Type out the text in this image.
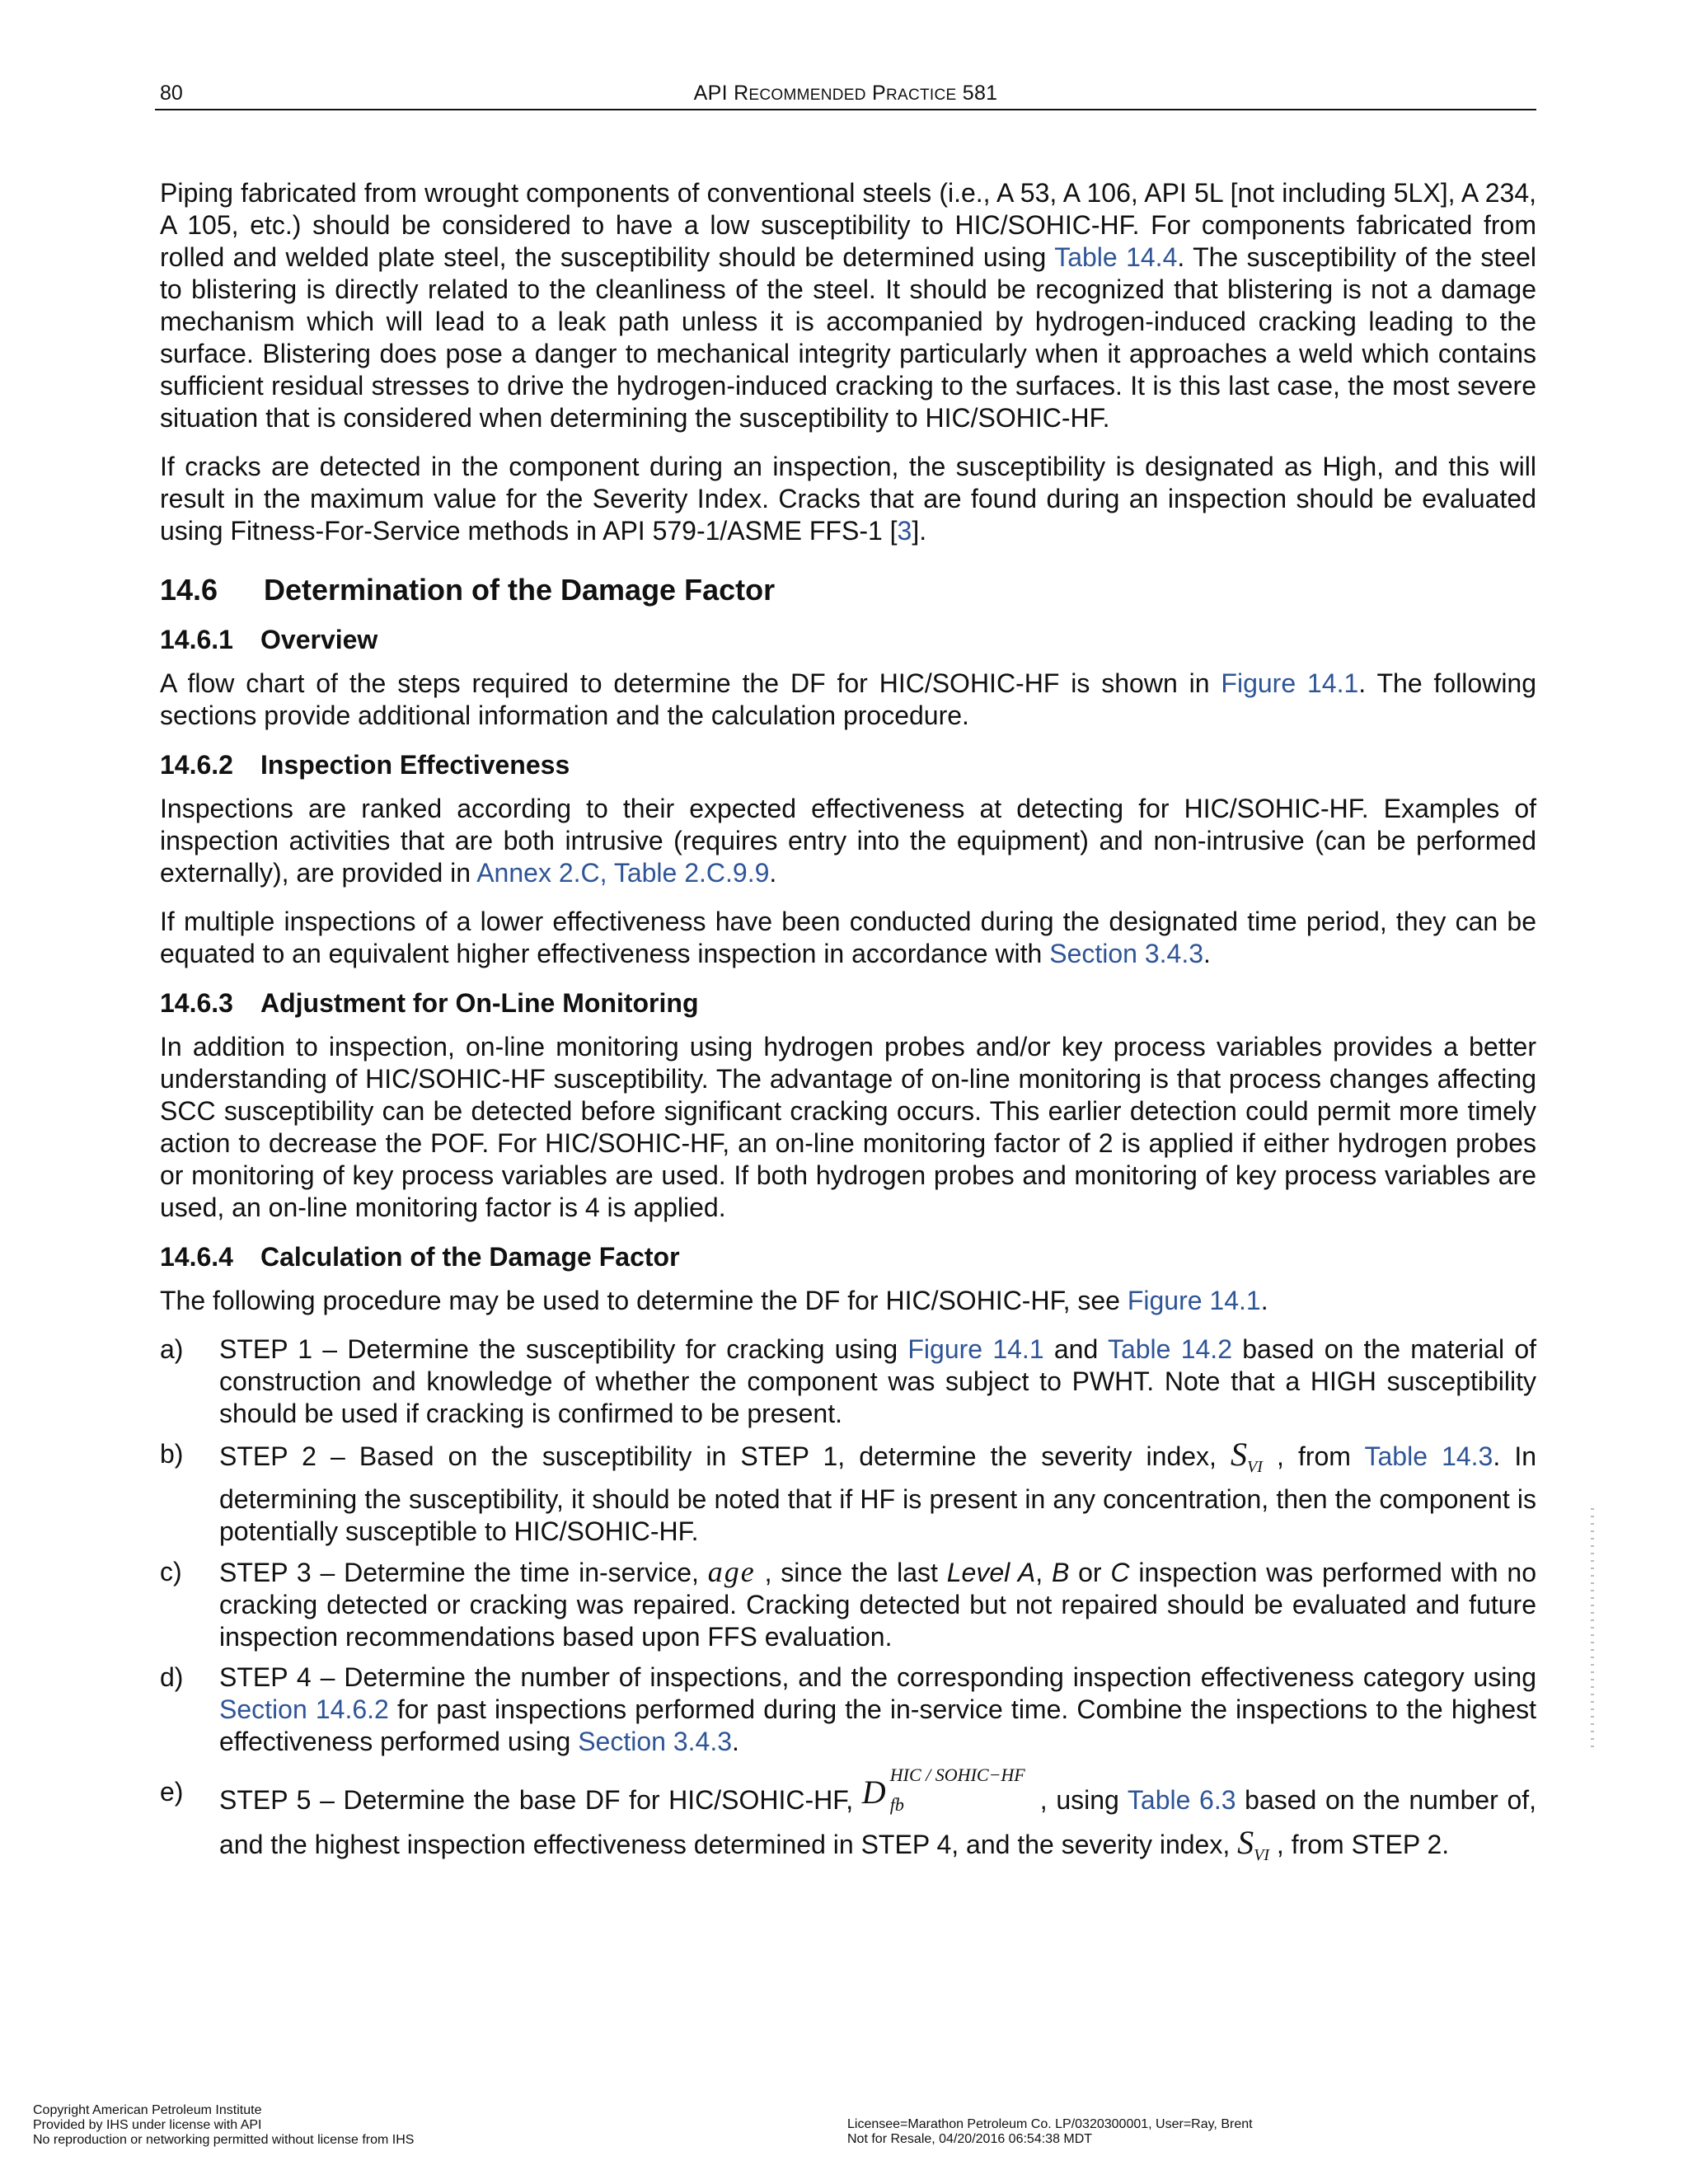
80	API RECOMMENDED PRACTICE 581

Piping fabricated from wrought components of conventional steels (i.e., A 53, A 106, API 5L [not including 5LX], A 234, A 105, etc.) should be considered to have a low susceptibility to HIC/SOHIC-HF. For components fabricated from rolled and welded plate steel, the susceptibility should be determined using Table 14.4. The susceptibility of the steel to blistering is directly related to the cleanliness of the steel. It should be recognized that blistering is not a damage mechanism which will lead to a leak path unless it is accompanied by hydrogen-induced cracking leading to the surface. Blistering does pose a danger to mechanical integrity particularly when it approaches a weld which contains sufficient residual stresses to drive the hydrogen-induced cracking to the surfaces. It is this last case, the most severe situation that is considered when determining the susceptibility to HIC/SOHIC-HF.

If cracks are detected in the component during an inspection, the susceptibility is designated as High, and this will result in the maximum value for the Severity Index. Cracks that are found during an inspection should be evaluated using Fitness-For-Service methods in API 579-1/ASME FFS-1 [3].

14.6 Determination of the Damage Factor
14.6.1 Overview

A flow chart of the steps required to determine the DF for HIC/SOHIC-HF is shown in Figure 14.1. The following sections provide additional information and the calculation procedure.

14.6.2 Inspection Effectiveness

Inspections are ranked according to their expected effectiveness at detecting for HIC/SOHIC-HF. Examples of inspection activities that are both intrusive (requires entry into the equipment) and non-intrusive (can be performed externally), are provided in Annex 2.C, Table 2.C.9.9.

If multiple inspections of a lower effectiveness have been conducted during the designated time period, they can be equated to an equivalent higher effectiveness inspection in accordance with Section 3.4.3.

14.6.3 Adjustment for On-Line Monitoring

In addition to inspection, on-line monitoring using hydrogen probes and/or key process variables provides a better understanding of HIC/SOHIC-HF susceptibility. The advantage of on-line monitoring is that process changes affecting SCC susceptibility can be detected before significant cracking occurs. This earlier detection could permit more timely action to decrease the POF. For HIC/SOHIC-HF, an on-line monitoring factor of 2 is applied if either hydrogen probes or monitoring of key process variables are used. If both hydrogen probes and monitoring of key process variables are used, an on-line monitoring factor is 4 is applied.

14.6.4 Calculation of the Damage Factor

The following procedure may be used to determine the DF for HIC/SOHIC-HF, see Figure 14.1.

a) STEP 1 – Determine the susceptibility for cracking using Figure 14.1 and Table 14.2 based on the material of construction and knowledge of whether the component was subject to PWHT. Note that a HIGH susceptibility should be used if cracking is confirmed to be present.

b) STEP 2 – Based on the susceptibility in STEP 1, determine the severity index, $S_{VI}$ , from Table 14.3. In determining the susceptibility, it should be noted that if HF is present in any concentration, then the component is potentially susceptible to HIC/SOHIC-HF.

c) STEP 3 – Determine the time in-service, age , since the last Level A, B or C inspection was performed with no cracking detected or cracking was repaired. Cracking detected but not repaired should be evaluated and future inspection recommendations based upon FFS evaluation.

d) STEP 4 – Determine the number of inspections, and the corresponding inspection effectiveness category using Section 14.6.2 for past inspections performed during the in-service time. Combine the inspections to the highest effectiveness performed using Section 3.4.3.

e) STEP 5 – Determine the base DF for HIC/SOHIC-HF, D HIC / SOHIC−HF
fb	, using Table 6.3 based on the number of, and the highest inspection effectiveness determined in STEP 4, and the severity index, $S_{VI}$ , from STEP 2.

Copyright American Petroleum Institute
Provided by IHS under license with API
No reproduction or networking permitted without license from IHS
Licensee=Marathon Petroleum Co. LP/0320300001, User=Ray, Brent
Not for Resale, 04/20/2016 06:54:38 MDT
